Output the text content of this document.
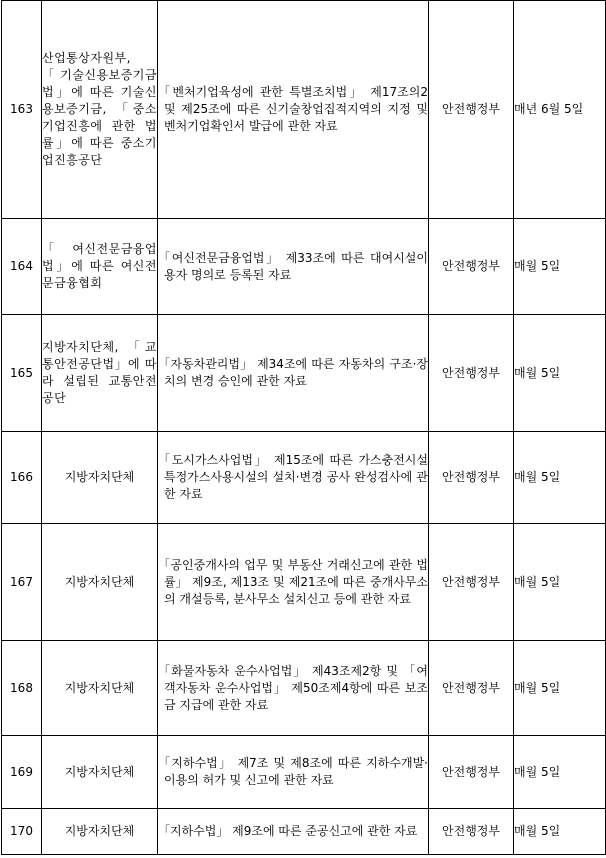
163	산업통상자원부, 「기술신용보증기금법」에 따른 기술신용보증기금, 「중소기업진흥에 관한 법률」에 따른 중소기업진흥공단	「벤처기업육성에 관한 특별조치법」 제17조의2 및 제25조에 따른 신기술창업집적지역의 지정 및 벤처기업확인서 발급에 관한 자료	안전행정부	매년 6월 5일
164	「여신전문금융업법」에 따른 여신전문금융협회	「여신전문금융업법」 제33조에 따른 대여시설이용자 명의로 등록된 자료	안전행정부	매월 5일
165	지방자치단체, 「교통안전공단법」에 따라 설립된 교통안전공단	「자동차관리법」 제34조에 따른 자동차의 구조·장치의 변경 승인에 관한 자료	안전행정부	매월 5일
166	지방자치단체	「도시가스사업법」 제15조에 따른 가스충전시설 특정가스사용시설의 설치·변경 공사 완성검사에 관한 자료	안전행정부	매월 5일
167	지방자치단체	「공인중개사의 업무 및 부동산 거래신고에 관한 법률」 제9조, 제13조 및 제21조에 따른 중개사무소의 개설등록, 분사무소 설치신고 등에 관한 자료	안전행정부	매월 5일
168	지방자치단체	「화물자동차 운수사업법」 제43조제2항 및 「여객자동차 운수사업법」 제50조제4항에 따른 보조금 지급에 관한 자료	안전행정부	매월 5일
169	지방자치단체	「지하수법」 제7조 및 제8조에 따른 지하수개발·이용의 허가 및 신고에 관한 자료	안전행정부	매월 5일
170	지방자치단체	「지하수법」 제9조에 따른 준공신고에 관한 자료	안전행정부	매월 5일
